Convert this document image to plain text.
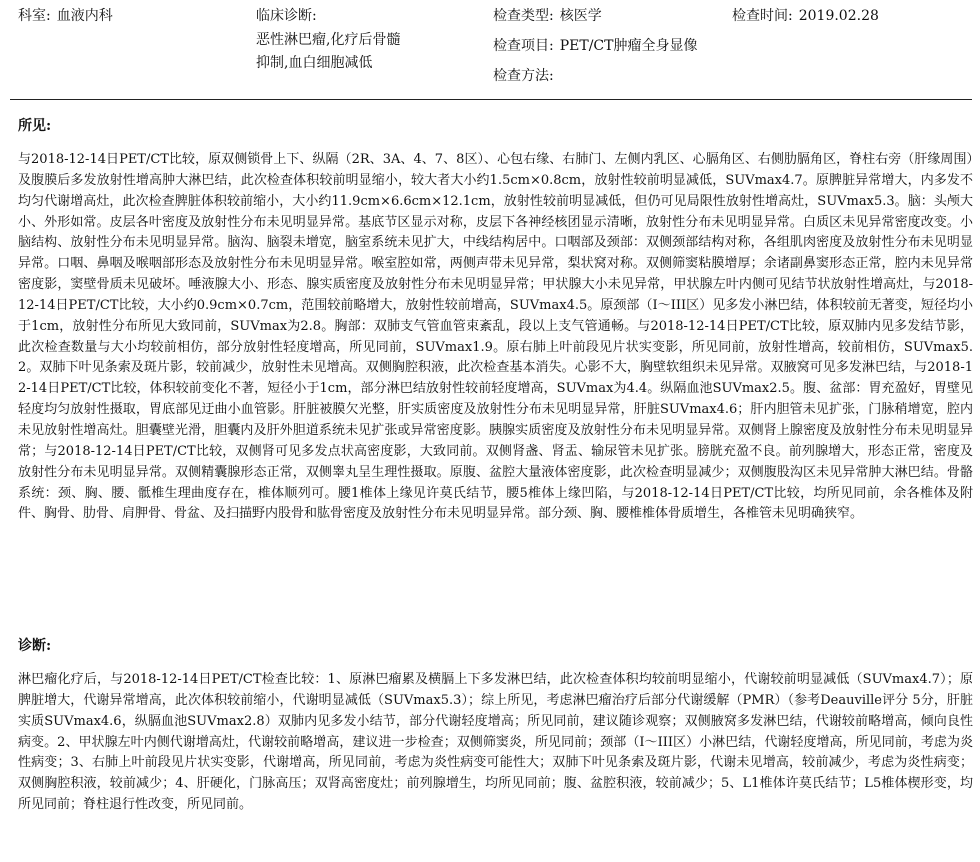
科室: 血液内科	临床诊断:
恶性淋巴瘤,化疗后骨髓
抑制,血白细胞减低
检查类型: 核医学
检查项目: PET/CT肿瘤全身显像
检查方法:
检查时间: 2019.02.28
所见:

与2018-12-14日PET/CT比较，原双侧锁骨上下、纵隔（2R、3A、4、7、8区）、心包右缘、右肺门、左侧内乳区、心膈角区、右侧肋膈角区，脊柱右旁（肝缘周围）及腹膜后多发放射性增高肿大淋巴结，此次检查体积较前明显缩小，较大者大小约1.5cm×0.8cm，放射性较前明显减低，SUVmax4.7。原脾脏异常增大，内多发不均匀代谢增高灶，此次检查脾脏体积较前缩小，大小约11.9cm×6.6cm×12.1cm，放射性较前明显减低，但仍可见局限性放射性增高灶，SUVmax5.3。脑：头颅大小、外形如常。皮层各叶密度及放射性分布未见明显异常。基底节区显示对称，皮层下各神经核团显示清晰，放射性分布未见明显异常。白质区未见异常密度改变。小脑结构、放射性分布未见明显异常。脑沟、脑裂未增宽，脑室系统未见扩大，中线结构居中。口咽部及颈部：双侧颈部结构对称，各组肌肉密度及放射性分布未见明显异常。口咽、鼻咽及喉咽部形态及放射性分布未见明显异常。喉室腔如常，两侧声带未见异常，梨状窝对称。双侧筛窦粘膜增厚；余诸副鼻窦形态正常，腔内未见异常密度影，窦壁骨质未见破坏。唾液腺大小、形态、腺实质密度及放射性分布未见明显异常；甲状腺大小未见异常，甲状腺左叶内侧可见结节状放射性增高灶，与2018-12-14日PET/CT比较，大小约0.9cm×0.7cm，范围较前略增大，放射性较前增高，SUVmax4.5。原颈部（I～III区）见多发小淋巴结，体积较前无著变，短径均小于1cm，放射性分布所见大致同前，SUVmax为2.8。胸部：双肺支气管血管束紊乱，段以上支气管通畅。与2018-12-14日PET/CT比较，原双肺内见多发结节影，此次检查数量与大小均较前相仿，部分放射性轻度增高，所见同前，SUVmax1.9。原右肺上叶前段见片状实变影，所见同前，放射性增高，较前相仿，SUVmax5.2。双肺下叶见条索及斑片影，较前减少，放射性未见增高。双侧胸腔积液，此次检查基本消失。心影不大，胸壁软组织未见异常。双腋窝可见多发淋巴结，与2018-12-14日PET/CT比较，体积较前变化不著，短径小于1cm，部分淋巴结放射性较前轻度增高，SUVmax为4.4。纵隔血池SUVmax2.5。腹、盆部：胃充盈好，胃壁见轻度均匀放射性摄取，胃底部见迂曲小血管影。肝脏被膜欠光整，肝实质密度及放射性分布未见明显异常，肝脏SUVmax4.6；肝内胆管未见扩张，门脉稍增宽，腔内未见放射性增高灶。胆囊壁光滑，胆囊内及肝外胆道系统未见扩张或异常密度影。胰腺实质密度及放射性分布未见明显异常。双侧肾上腺密度及放射性分布未见明显异常；与2018-12-14日PET/CT比较，双侧肾可见多发点状高密度影，大致同前。双侧肾盏、肾盂、输尿管未见扩张。膀胱充盈不良。前列腺增大，形态正常，密度及放射性分布未见明显异常。双侧精囊腺形态正常，双侧睾丸呈生理性摄取。原腹、盆腔大量液体密度影，此次检查明显减少；双侧腹股沟区未见异常肿大淋巴结。骨骼系统：颈、胸、腰、骶椎生理曲度存在，椎体顺列可。腰1椎体上缘见许莫氏结节，腰5椎体上缘凹陷，与2018-12-14日PET/CT比较，均所见同前，余各椎体及附件、胸骨、肋骨、肩胛骨、骨盆、及扫描野内股骨和肱骨密度及放射性分布未见明显异常。部分颈、胸、腰椎椎体骨质增生，各椎管未见明确狭窄。

诊断:

淋巴瘤化疗后，与2018-12-14日PET/CT检查比较：1、原淋巴瘤累及横膈上下多发淋巴结，此次检查体积均较前明显缩小，代谢较前明显减低（SUVmax4.7）；原脾脏增大，代谢异常增高，此次体积较前缩小，代谢明显减低（SUVmax5.3）；综上所见，考虑淋巴瘤治疗后部分代谢缓解（PMR）（参考Deauville评分 5分，肝脏实质SUVmax4.6，纵膈血池SUVmax2.8）双肺内见多发小结节，部分代谢轻度增高；所见同前，建议随诊观察；双侧腋窝多发淋巴结，代谢较前略增高，倾向良性病变。2、甲状腺左叶内侧代谢增高灶，代谢较前略增高，建议进一步检查；双侧筛窦炎，所见同前；颈部（I～III区）小淋巴结，代谢轻度增高，所见同前，考虑为炎性病变；3、右肺上叶前段见片状实变影，代谢增高，所见同前，考虑为炎性病变可能性大；双肺下叶见条索及斑片影，代谢未见增高，较前减少，考虑为炎性病变；双侧胸腔积液，较前减少；4、肝硬化，门脉高压；双肾高密度灶；前列腺增生，均所见同前；腹、盆腔积液，较前减少；5、L1椎体许莫氏结节；L5椎体楔形变，均所见同前；脊柱退行性改变，所见同前。
